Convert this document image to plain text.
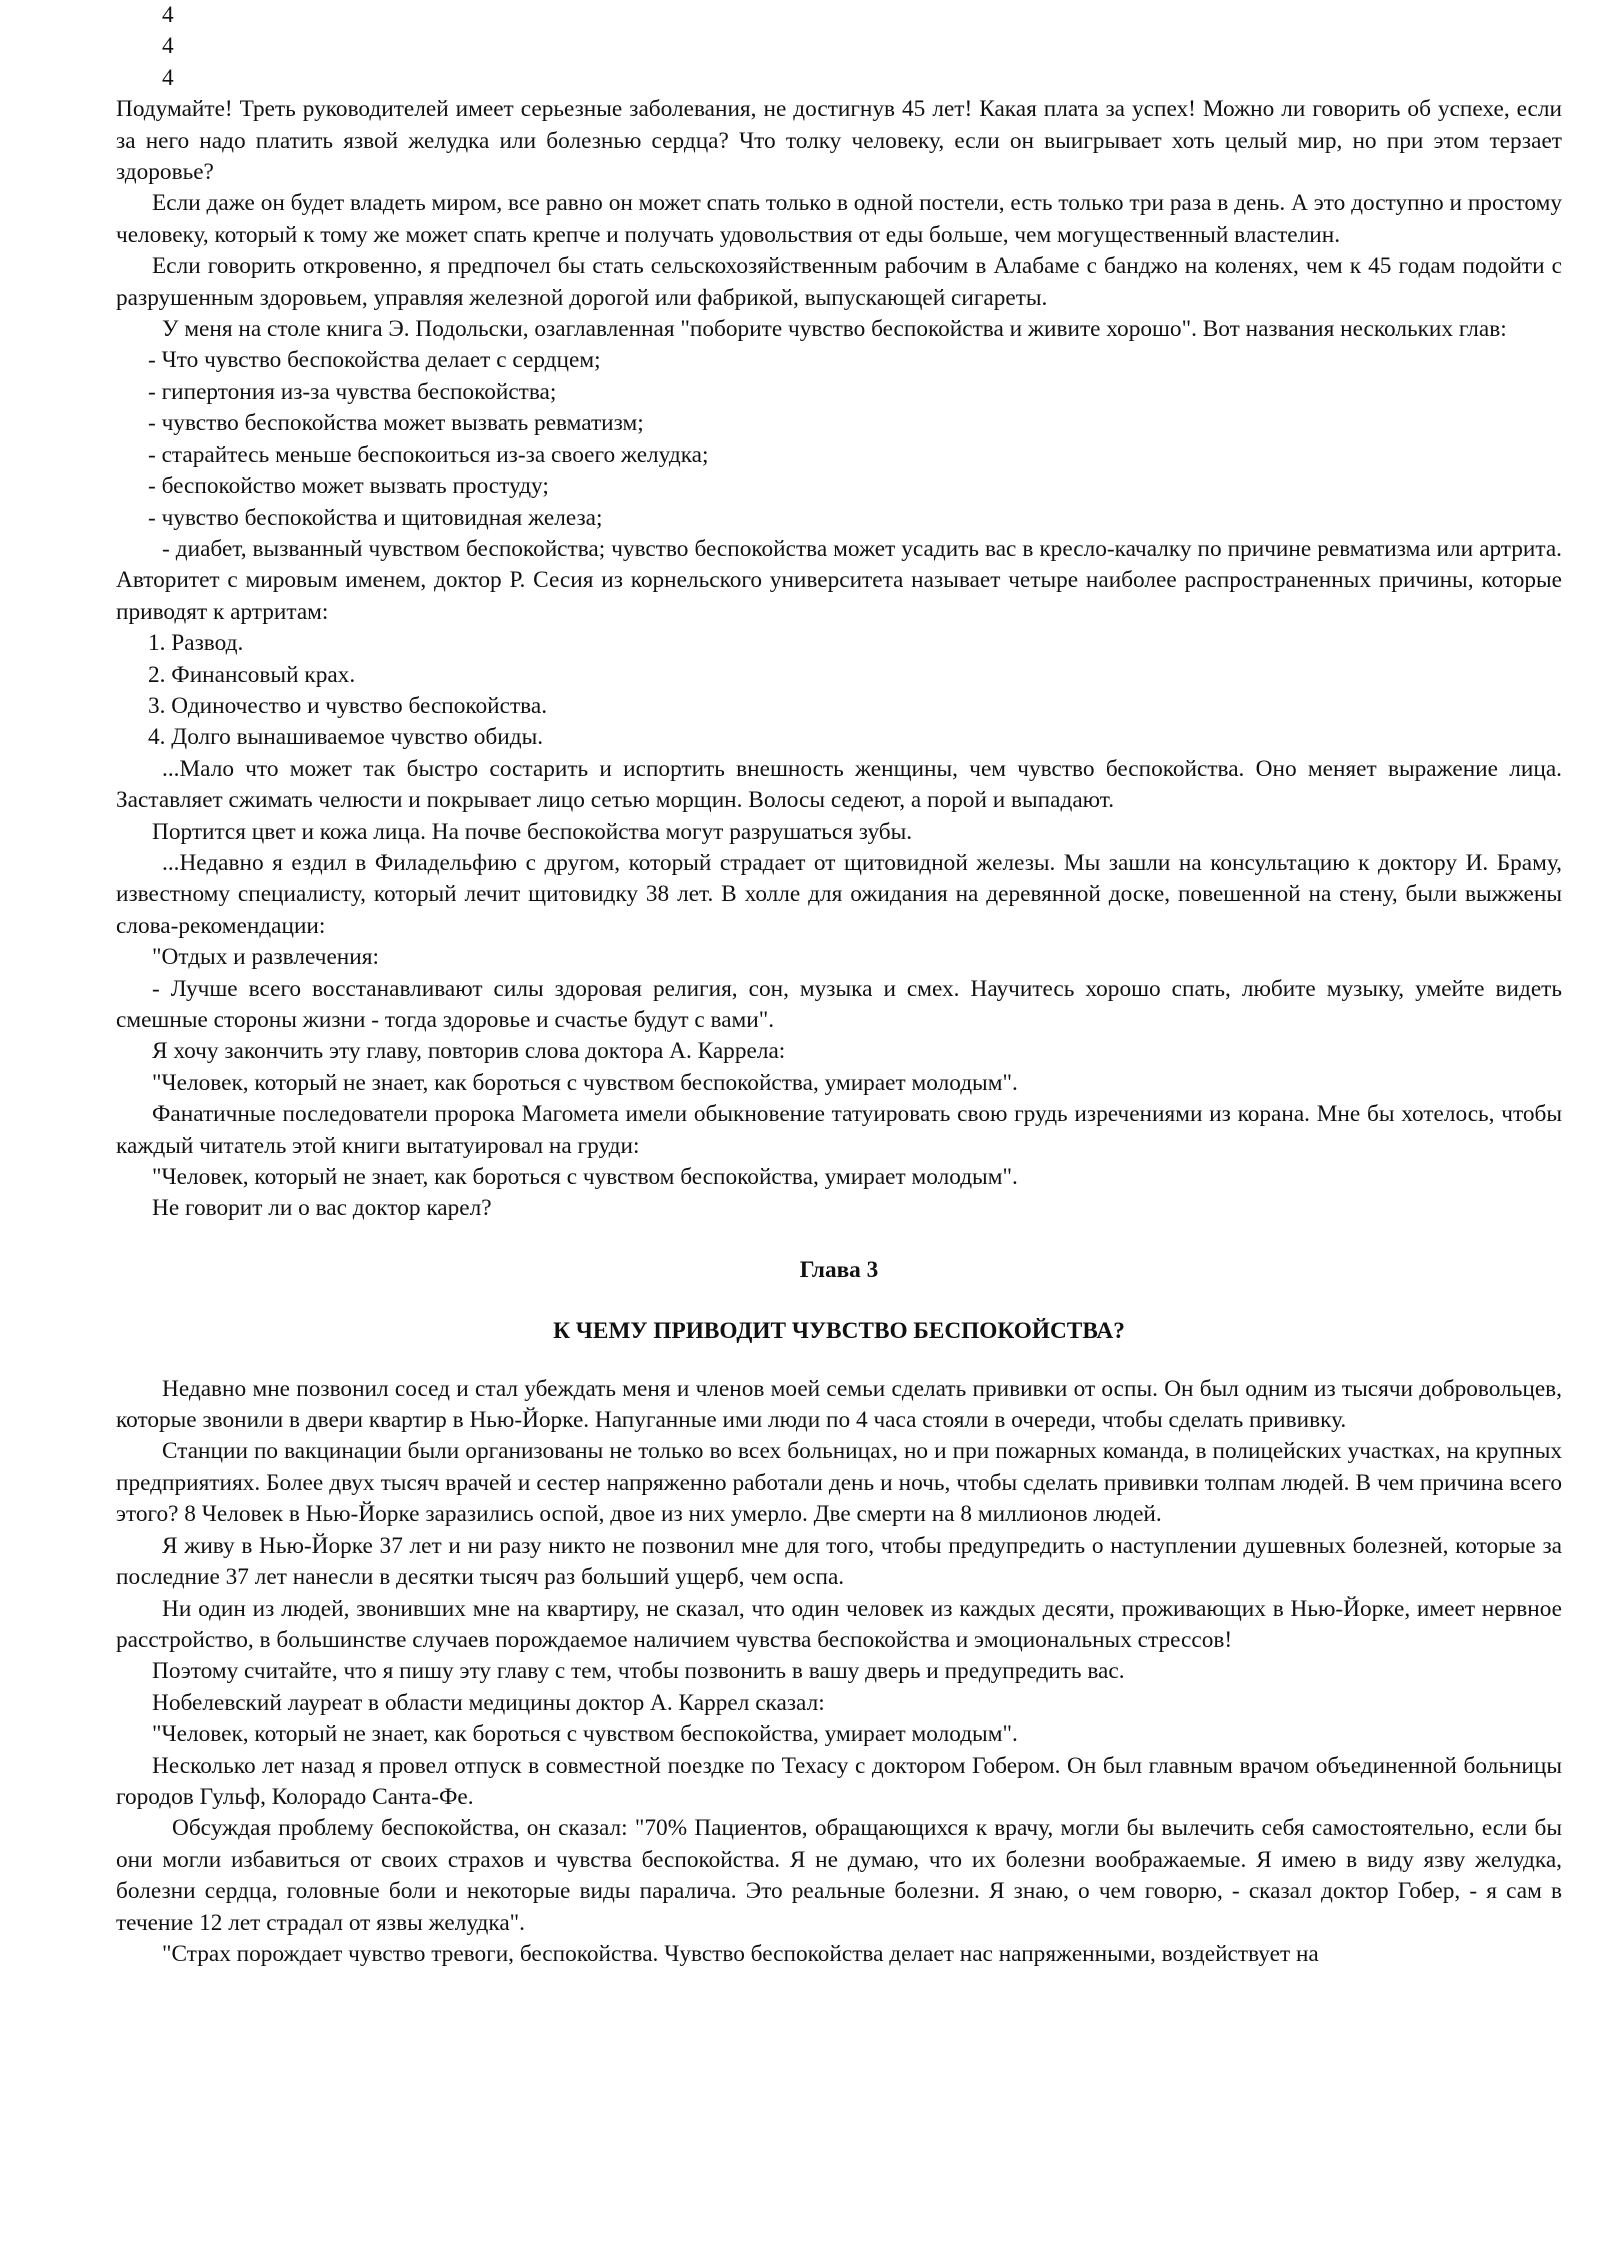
4

4

4

Подумайте! Треть руководителей имеет серьезные заболевания, не достигнув 45 лет! Какая плата за успех! Можно ли говорить об успехе, если за него надо платить язвой желудка или болезнью сердца? Что толку человеку, если он выигрывает хоть целый мир, но при этом терзает здоровье?

Если даже он будет владеть миром, все равно он может спать только в одной постели, есть только три раза в день. А это доступно и простому человеку, который к тому же может спать крепче и получать удовольствия от еды больше, чем могущественный властелин.

Если говорить откровенно, я предпочел бы стать сельскохозяйственным рабочим в Алабаме с банджо на коленях, чем к 45 годам подойти с разрушенным здоровьем, управляя железной дорогой или фабрикой, выпускающей сигареты.

У меня на столе книга Э. Подольски, озаглавленная "поборите чувство беспокойства и живите хорошо". Вот названия нескольких глав:

- Что чувство беспокойства делает с сердцем;

- гипертония из-за чувства беспокойства;

- чувство беспокойства может вызвать ревматизм;

- старайтесь меньше беспокоиться из-за своего желудка;

- беспокойство может вызвать простуду;

- чувство беспокойства и щитовидная железа;

- диабет, вызванный чувством беспокойства; чувство беспокойства может усадить вас в кресло-качалку по причине ревматизма или артрита. Авторитет с мировым именем, доктор Р. Сесия из корнельского университета называет четыре наиболее распространенных причины, которые приводят к артритам:

1. Развод.

2. Финансовый крах.

3. Одиночество и чувство беспокойства.

4. Долго вынашиваемое чувство обиды.

...Мало что может так быстро состарить и испортить внешность женщины, чем чувство беспокойства. Оно меняет выражение лица. Заставляет сжимать челюсти и покрывает лицо сетью морщин. Волосы седеют, а порой и выпадают.

Портится цвет и кожа лица. На почве беспокойства могут разрушаться зубы.

...Недавно я ездил в Филадельфию с другом, который страдает от щитовидной железы. Мы зашли на консультацию к доктору И. Браму, известному специалисту, который лечит щитовидку 38 лет. В холле для ожидания на деревянной доске, повешенной на стену, были выжжены слова-рекомендации:

"Отдых и развлечения:

- Лучше всего восстанавливают силы здоровая религия, сон, музыка и смех. Научитесь хорошо спать, любите музыку, умейте видеть смешные стороны жизни - тогда здоровье и счастье будут с вами".

Я хочу закончить эту главу, повторив слова доктора А. Каррела:

"Человек, который не знает, как бороться с чувством беспокойства, умирает молодым".

Фанатичные последователи пророка Магомета имели обыкновение татуировать свою грудь изречениями из корана. Мне бы хотелось, чтобы каждый читатель этой книги вытатуировал на груди:

"Человек, который не знает, как бороться с чувством беспокойства, умирает молодым".

Не говорит ли о вас доктор карел?

Глава 3

К ЧЕМУ ПРИВОДИТ ЧУВСТВО БЕСПОКОЙСТВА?

Недавно мне позвонил сосед и стал убеждать меня и членов моей семьи сделать прививки от оспы. Он был одним из тысячи добровольцев, которые звонили в двери квартир в Нью-Йорке. Напуганные ими люди по 4 часа стояли в очереди, чтобы сделать прививку.

Станции по вакцинации были организованы не только во всех больницах, но и при пожарных команда, в полицейских участках, на крупных предприятиях. Более двух тысяч врачей и сестер напряженно работали день и ночь, чтобы сделать прививки толпам людей. В чем причина всего этого? 8 Человек в Нью-Йорке заразились оспой, двое из них умерло. Две смерти на 8 миллионов людей.

Я живу в Нью-Йорке 37 лет и ни разу никто не позвонил мне для того, чтобы предупредить о наступлении душевных болезней, которые за последние 37 лет нанесли в десятки тысяч раз больший ущерб, чем оспа.

Ни один из людей, звонивших мне на квартиру, не сказал, что один человек из каждых десяти, проживающих в Нью-Йорке, имеет нервное расстройство, в большинстве случаев порождаемое наличием чувства беспокойства и эмоциональных стрессов!

Поэтому считайте, что я пишу эту главу с тем, чтобы позвонить в вашу дверь и предупредить вас.

Нобелевский лауреат в области медицины доктор А. Каррел сказал:

"Человек, который не знает, как бороться с чувством беспокойства, умирает молодым".

Несколько лет назад я провел отпуск в совместной поездке по Техасу с доктором Гобером. Он был главным врачом объединенной больницы городов Гульф, Колорадо Санта-Фе.

Обсуждая проблему беспокойства, он сказал: "70% Пациентов, обращающихся к врачу, могли бы вылечить себя самостоятельно, если бы они могли избавиться от своих страхов и чувства беспокойства. Я не думаю, что их болезни воображаемые. Я имею в виду язву желудка, болезни сердца, головные боли и некоторые виды паралича. Это реальные болезни. Я знаю, о чем говорю, - сказал доктор Гобер, - я сам в течение 12 лет страдал от язвы желудка".

"Страх порождает чувство тревоги, беспокойства. Чувство беспокойства делает нас напряженными, воздействует на
